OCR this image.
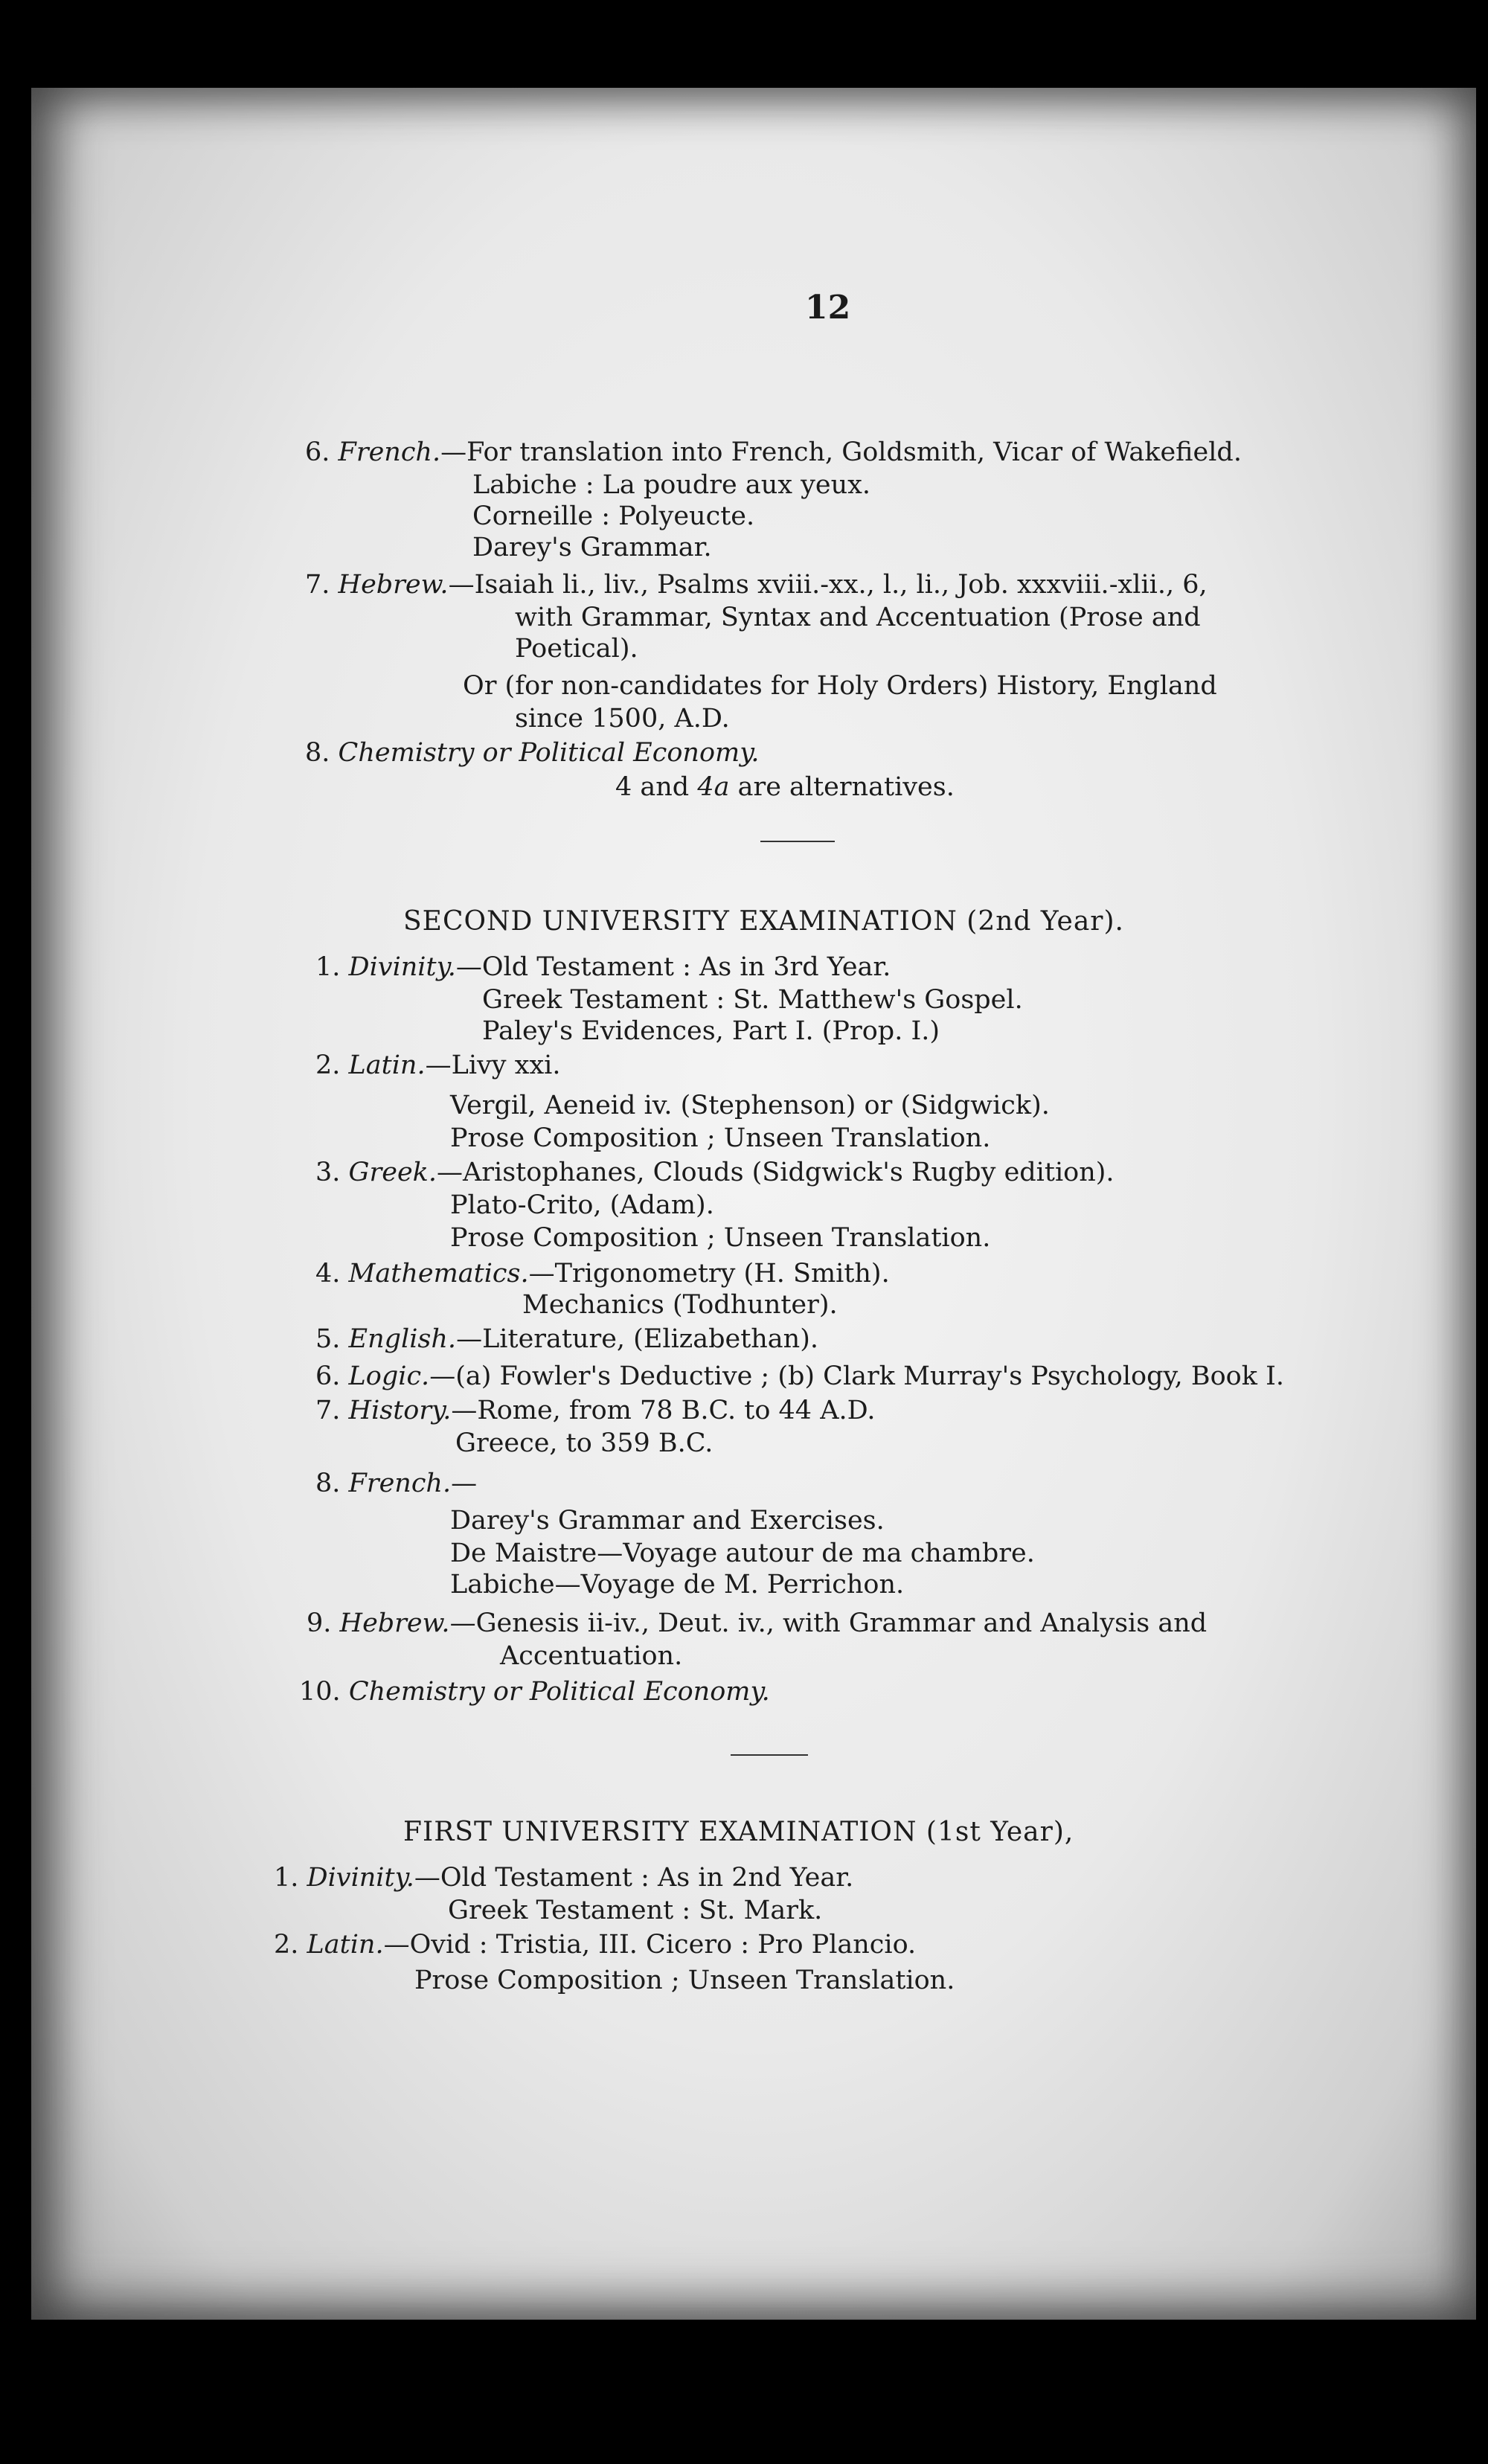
12
6. French.—For translation into French, Goldsmith, Vicar of Wakefield.
Labiche : La poudre aux yeux.
Corneille : Polyeucte.
Darey's Grammar.
7. Hebrew.—Isaiah li., liv., Psalms xviii.-xx., l., li., Job. xxxviii.-xlii., 6,
with Grammar, Syntax and Accentuation (Prose and
Poetical).
Or (for non-candidates for Holy Orders) History, England
since 1500, A.D.
8. Chemistry or Political Economy.
4 and 4a are alternatives.
SECOND UNIVERSITY EXAMINATION (2nd Year).
1. Divinity.—Old Testament : As in 3rd Year.
Greek Testament : St. Matthew's Gospel.
Paley's Evidences, Part I. (Prop. I.)
2. Latin.—Livy xxi.
Vergil, Aeneid iv. (Stephenson) or (Sidgwick).
Prose Composition ; Unseen Translation.
3. Greek.—Aristophanes, Clouds (Sidgwick's Rugby edition).
Plato-Crito, (Adam).
Prose Composition ; Unseen Translation.
4. Mathematics.—Trigonometry (H. Smith).
Mechanics (Todhunter).
5. English.—Literature, (Elizabethan).
6. Logic.—(a) Fowler's Deductive ; (b) Clark Murray's Psychology, Book I.
7. History.—Rome, from 78 B.C. to 44 A.D.
Greece, to 359 B.C.
8. French.—
Darey's Grammar and Exercises.
De Maistre—Voyage autour de ma chambre.
Labiche—Voyage de M. Perrichon.
9. Hebrew.—Genesis ii-iv., Deut. iv., with Grammar and Analysis and
Accentuation.
10. Chemistry or Political Economy.
FIRST UNIVERSITY EXAMINATION (1st Year),
1. Divinity.—Old Testament : As in 2nd Year.
Greek Testament : St. Mark.
2. Latin.—Ovid : Tristia, III. Cicero : Pro Plancio.
Prose Composition ; Unseen Translation.
